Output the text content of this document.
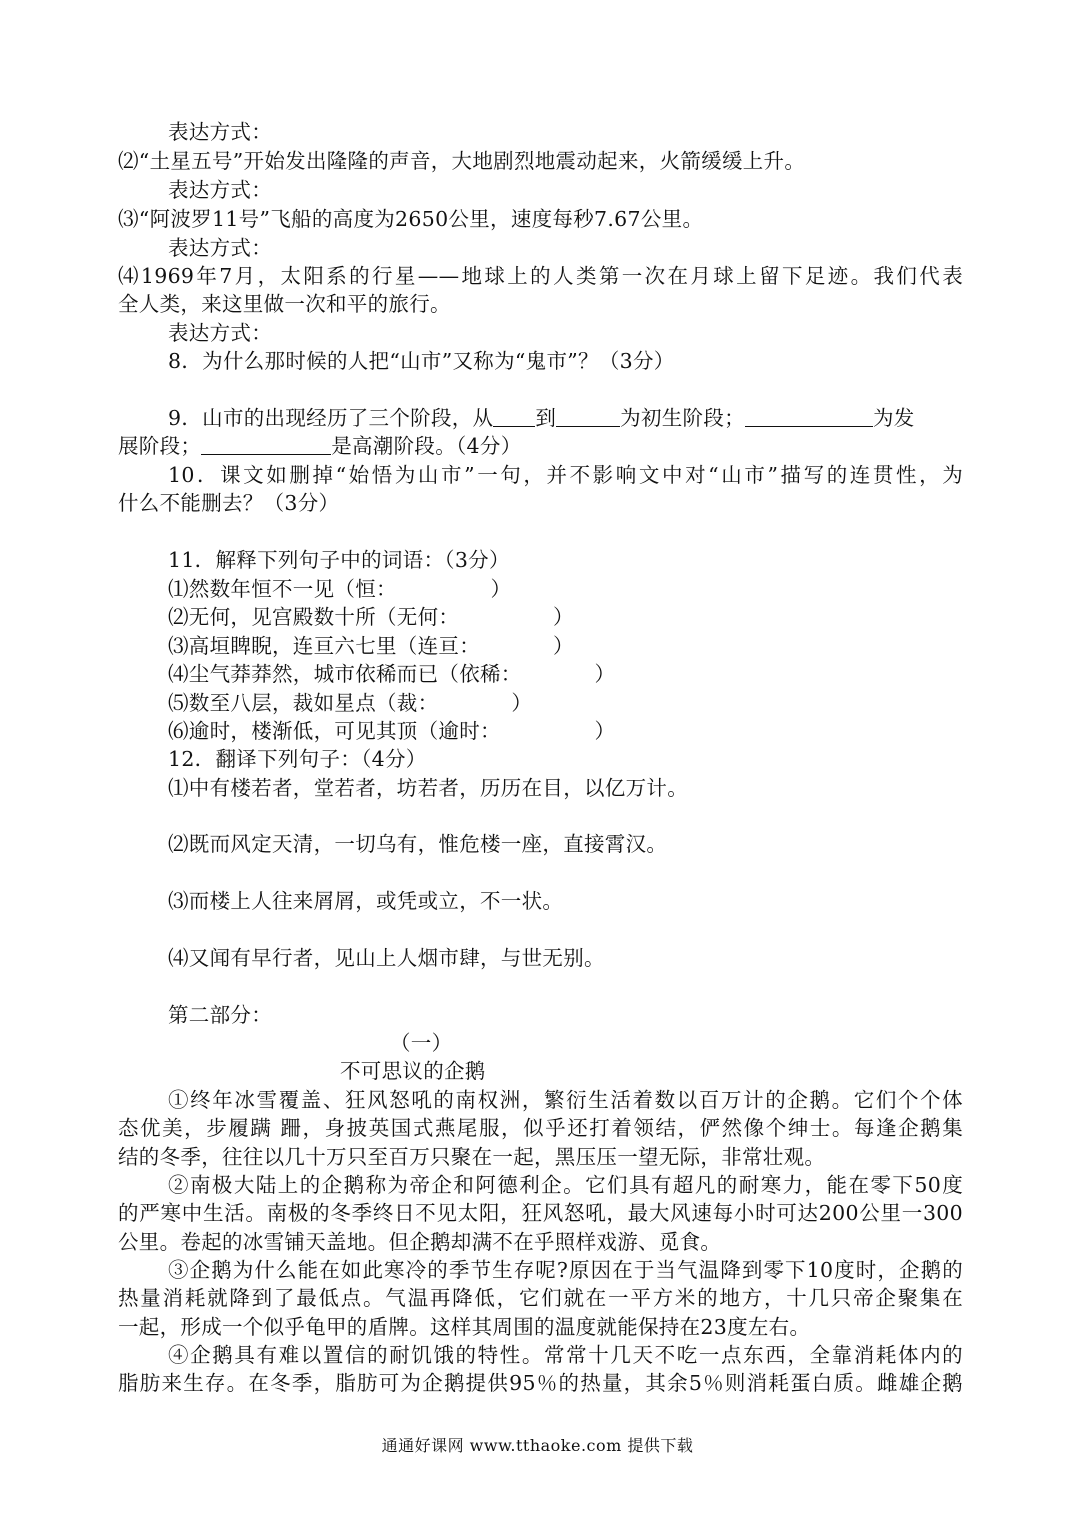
表达方式：
⑵“土星五号”开始发出隆隆的声音，大地剧烈地震动起来，火箭缓缓上升。
表达方式：
⑶“阿波罗11号”飞船的高度为2650公里，速度每秒7.67公里。
表达方式：
⑷1969年7月，太阳系的行星——地球上的人类第一次在月球上留下足迹。我们代表
全人类，来这里做一次和平的旅行。
表达方式：
8．为什么那时候的人把“山市”又称为“鬼市”？（3分）
9．山市的出现经历了三个阶段，从 到	为初生阶段；	为发
展阶段；	是高潮阶段。（4分）
10．课文如删掉“始悟为山市”一句，并不影响文中对“山市”描写的连贯性，为
什么不能删去？（3分）
11．解释下列句子中的词语：（3分）
⑴然数年恒不一见（恒：　　　　　）
⑵无何，见宫殿数十所（无何：　　　　　）
⑶高垣睥睨，连亘六七里（连亘：　　　　）
⑷尘气莽莽然，城市依稀而已（依稀：　　　　）
⑸数至八层，裁如星点（裁：　　　　）
⑹逾时，楼渐低，可见其顶（逾时：　　　　　）
12．翻译下列句子：（4分）
⑴中有楼若者，堂若者，坊若者，历历在目，以亿万计。
⑵既而风定天清，一切乌有，惟危楼一座，直接霄汉。
⑶而楼上人往来屑屑，或凭或立，不一状。
⑷又闻有早行者，见山上人烟市肆，与世无别。
第二部分：
（一）
不可思议的企鹅
①终年冰雪覆盖、狂风怒吼的南权洲，繁衍生活着数以百万计的企鹅。它们个个体
态优美，步履蹒 跚，身披英国式燕尾服，似乎还打着领结，俨然像个绅士。每逢企鹅集
结的冬季，往往以几十万只至百万只聚在一起，黑压压一望无际，非常壮观。
②南极大陆上的企鹅称为帝企和阿德利企。它们具有超凡的耐寒力，能在零下50度
的严寒中生活。南极的冬季终日不见太阳，狂风怒吼，最大风速每小时可达200公里一300
公里。卷起的冰雪铺天盖地。但企鹅却满不在乎照样戏游、觅食。
③企鹅为什么能在如此寒冷的季节生存呢?原因在于当气温降到零下10度时，企鹅的
热量消耗就降到了最低点。气温再降低，它们就在一平方米的地方，十几只帝企聚集在
一起，形成一个似乎龟甲的盾牌。这样其周围的温度就能保持在23度左右。
④企鹅具有难以置信的耐饥饿的特性。常常十几天不吃一点东西，全靠消耗体内的
脂肪来生存。在冬季，脂肪可为企鹅提供95％的热量，其余5％则消耗蛋白质。雌雄企鹅
通通好课网 www.tthaoke.com 提供下载
